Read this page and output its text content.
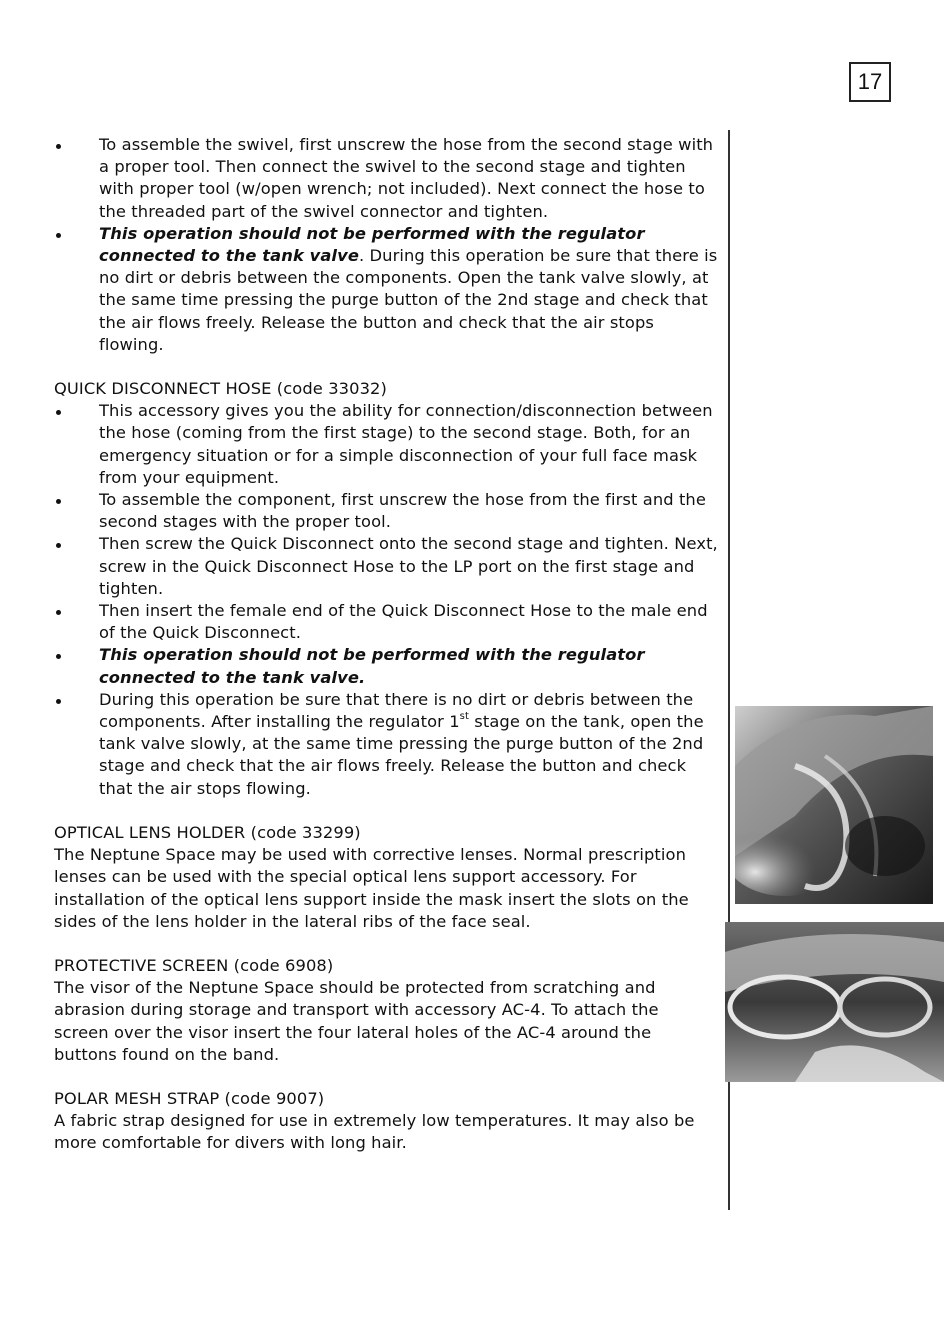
17
To assemble the swivel, first unscrew the hose from the second stage with a proper tool. Then connect the swivel to the second stage and tighten with proper tool (w/open wrench; not included). Next connect the hose to the threaded part of the swivel connector and tighten.
This operation should not be performed with the regulator connected to the tank valve. During this operation be sure that there is no dirt or debris between the components. Open the tank valve slowly, at the same time pressing the purge button of the 2nd stage and check that the air flows freely. Release the button and check that the air stops flowing.

QUICK DISCONNECT HOSE (code 33032)

This accessory gives you the ability for connection/disconnection between the hose (coming from the first stage) to the second stage. Both, for an emergency situation or for a simple disconnection of your full face mask from your equipment.
To assemble the component, first unscrew the hose from the first and the second stages with the proper tool.
Then screw the Quick Disconnect onto the second stage and tighten. Next, screw in the Quick Disconnect Hose to the LP port on the first stage and tighten.
Then insert the female end of the Quick Disconnect Hose to the male end of the Quick Disconnect.
This operation should not be performed with the regulator connected to the tank valve.
During this operation be sure that there is no dirt or debris between the components. After installing the regulator 1st stage on the tank, open the tank valve slowly, at the same time pressing the purge button of the 2nd stage and check that the air flows freely. Release the button and check that the air stops flowing.

OPTICAL LENS HOLDER (code 33299)

The Neptune Space may be used with corrective lenses. Normal prescription lenses can be used with the special optical lens support accessory. For installation of the optical lens support inside the mask insert the slots on the sides of the lens holder in the lateral ribs of the face seal.

PROTECTIVE SCREEN (code 6908)

The visor of the Neptune Space should be protected from scratching and abrasion during storage and transport with accessory AC-4. To attach the screen over the visor insert the four lateral holes of the AC-4 around the buttons found on the band.

POLAR MESH STRAP (code 9007)

A fabric strap designed for use in extremely low temperatures. It may also be more comfortable for divers with long hair.
